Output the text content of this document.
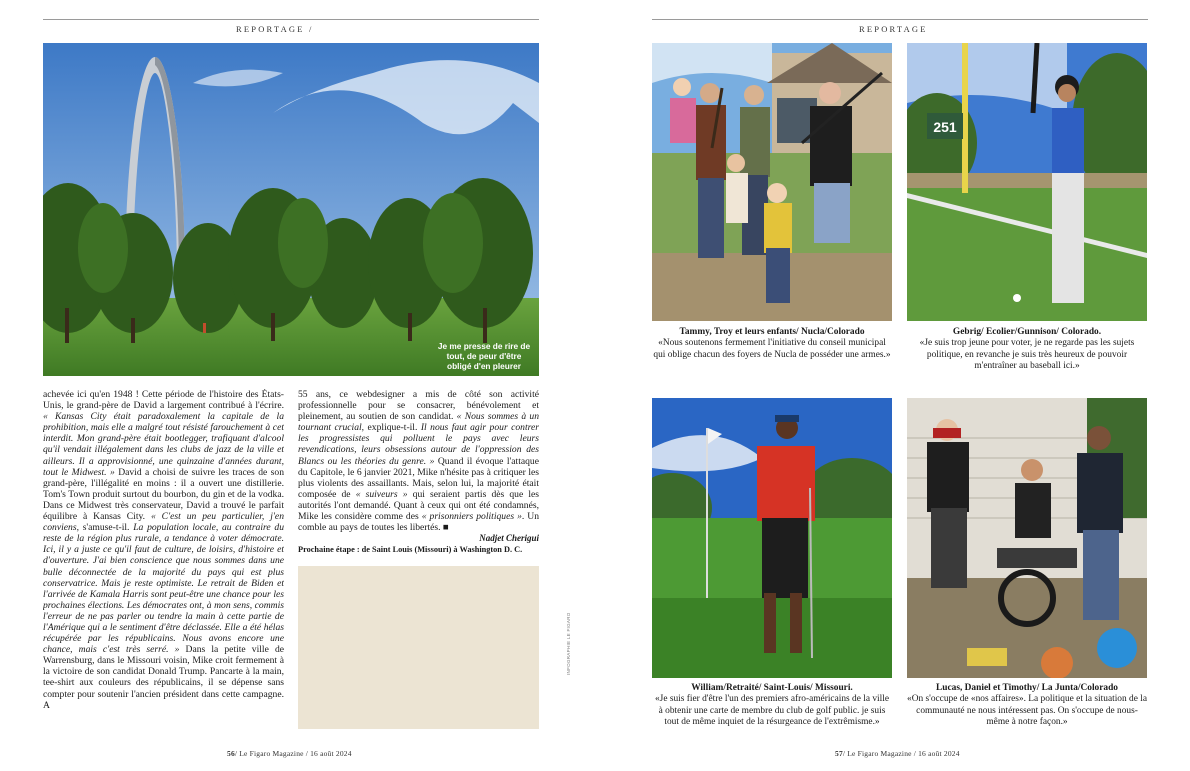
REPORTAGE /
Je me presse de rire de tout, de peur d'être obligé d'en pleurer
achevée ici qu'en 1948 ! Cette période de l'histoire des États-Unis, le grand-père de David a largement contribué à l'écrire. « Kansas City était paradoxalement la capitale de la prohibition, mais elle a malgré tout résisté farouchement à cet interdit. Mon grand-père était bootlegger, trafiquant d'alcool qu'il vendait illégalement dans les clubs de jazz de la ville et ailleurs. Il a approvisionné, une quinzaine d'années durant, tout le Midwest. » David a choisi de suivre les traces de son grand-père, l'illégalité en moins : il a ouvert une distillerie. Tom's Town produit surtout du bourbon, du gin et de la vodka. Dans ce Midwest très conservateur, David a trouvé le parfait équilibre à Kansas City. « C'est un peu particulier, j'en conviens, s'amuse-t-il. La population locale, au contraire du reste de la région plus rurale, a tendance à voter démocrate. Ici, il y a juste ce qu'il faut de culture, de loisirs, d'histoire et d'ouverture. J'ai bien conscience que nous sommes dans une bulle déconnectée de la majorité du pays qui est plus conservatrice. Mais je reste optimiste. Le retrait de Biden et l'arrivée de Kamala Harris sont peut-être une chance pour les prochaines élections. Les démocrates ont, à mon sens, commis l'erreur de ne pas parler ou tendre la main à cette partie de l'Amérique qui a le sentiment d'être déclassée. Elle a été hélas récupérée par les républicains. Nous avons encore une chance, mais c'est très serré. » Dans la petite ville de Warrensburg, dans le Missouri voisin, Mike croit fermement à la victoire de son candidat Donald Trump. Pancarte à la main, tee-shirt aux couleurs des républicains, il se dépense sans compter pour soutenir l'ancien président dans cette campagne. A

55 ans, ce webdesigner a mis de côté son activité professionnelle pour se consacrer, bénévolement et pleinement, au soutien de son candidat. « Nous sommes à un tournant crucial, explique-t-il. Il nous faut agir pour contrer les progressistes qui polluent le pays avec leurs revendications, leurs obsessions autour de l'oppression des Blancs ou les théories du genre. » Quand il évoque l'attaque du Capitole, le 6 janvier 2021, Mike n'hésite pas à critiquer les plus violents des assaillants. Mais, selon lui, la majorité était composée de « suiveurs » qui seraient partis dès que les autorités l'ont demandé. Quant à ceux qui ont été condamnés, Mike les considère comme des « prisonniers politiques ». Un comble au pays de toutes les libertés. ■

Nadjet Cherigui

Prochaine étape : de Saint Louis (Missouri) à Washington D. C.

56/ Le Figaro Magazine / 16 août 2024
INFOGRAPHIE LE FIGARO
REPORTAGE
251
Tammy, Troy et leurs enfants/ Nucla/Colorado
«Nous soutenons fermement l'initiative du conseil municipal qui oblige chacun des foyers de Nucla de posséder une armes.»
Gebrig/ Ecolier/Gunnison/ Colorado.
«Je suis trop jeune pour voter, je ne regarde pas les sujets politique, en revanche je suis très heureux de pouvoir m'entraîner au baseball ici.»
William/Retraité/ Saint-Louis/ Missouri.
«Je suis fier d'être l'un des premiers afro-américains de la ville à obtenir une carte de membre du club de golf public. je suis tout de même inquiet de la résurgeance de l'extrêmisme.»
Lucas, Daniel et Timothy/ La Junta/Colorado
«On s'occupe de «nos affaires». La politique et la situation de la communauté ne nous intéressent pas. On s'occupe de nous-même à notre façon.»
57/ Le Figaro Magazine / 16 août 2024
